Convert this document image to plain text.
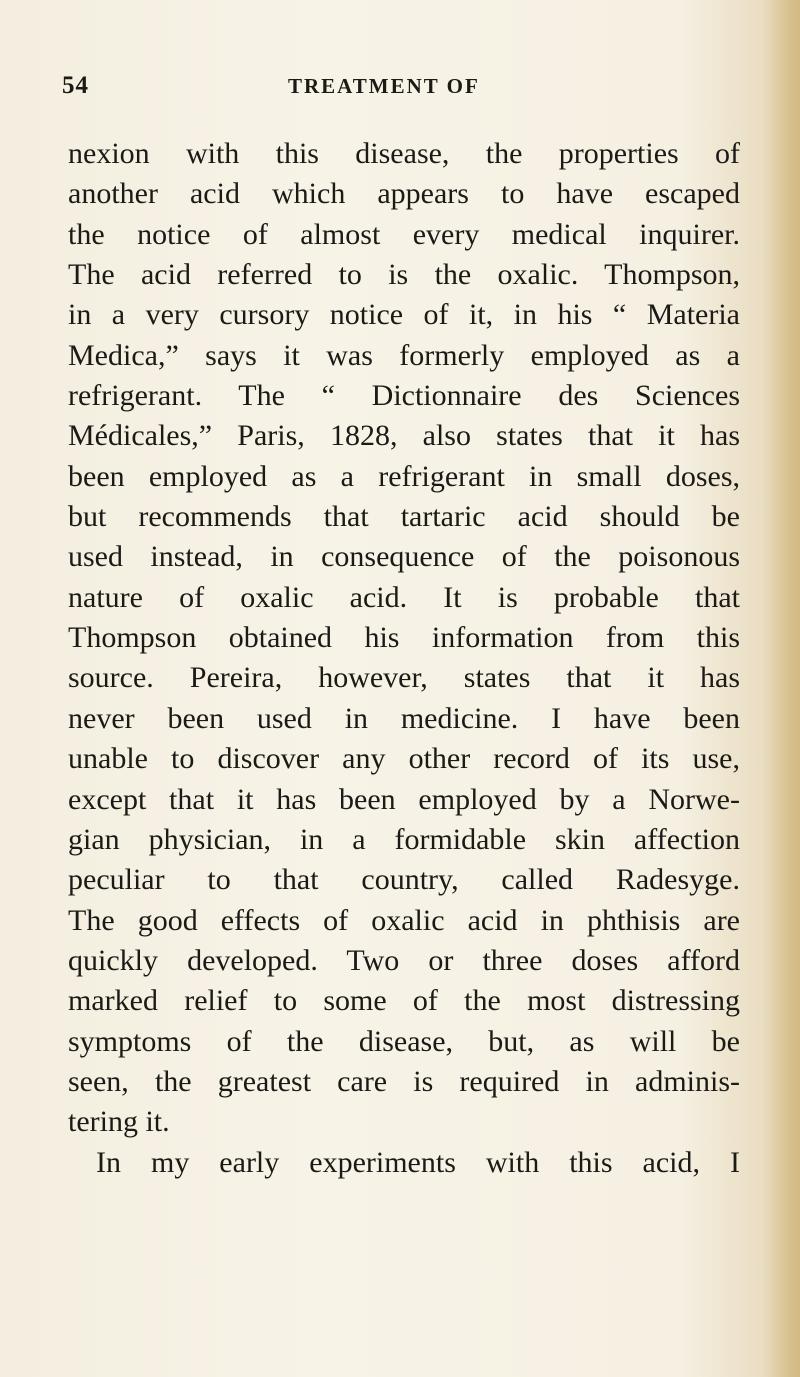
54	TREATMENT OF
nexion with this disease, the properties of
another acid which appears to have escaped
the notice of almost every medical inquirer.
The acid referred to is the oxalic. Thompson,
in a very cursory notice of it, in his “ Materia
Medica,” says it was formerly employed as a
refrigerant. The “ Dictionnaire des Sciences
Médicales,” Paris, 1828, also states that it has
been employed as a refrigerant in small doses,
but recommends that tartaric acid should be
used instead, in consequence of the poisonous
nature of oxalic acid. It is probable that
Thompson obtained his information from this
source. Pereira, however, states that it has
never been used in medicine. I have been
unable to discover any other record of its use,
except that it has been employed by a Norwe-
gian physician, in a formidable skin affection
peculiar to that country, called Radesyge.
The good effects of oxalic acid in phthisis are
quickly developed. Two or three doses afford
marked relief to some of the most distressing
symptoms of the disease, but, as will be
seen, the greatest care is required in adminis-
tering it.
In my early experiments with this acid, I
